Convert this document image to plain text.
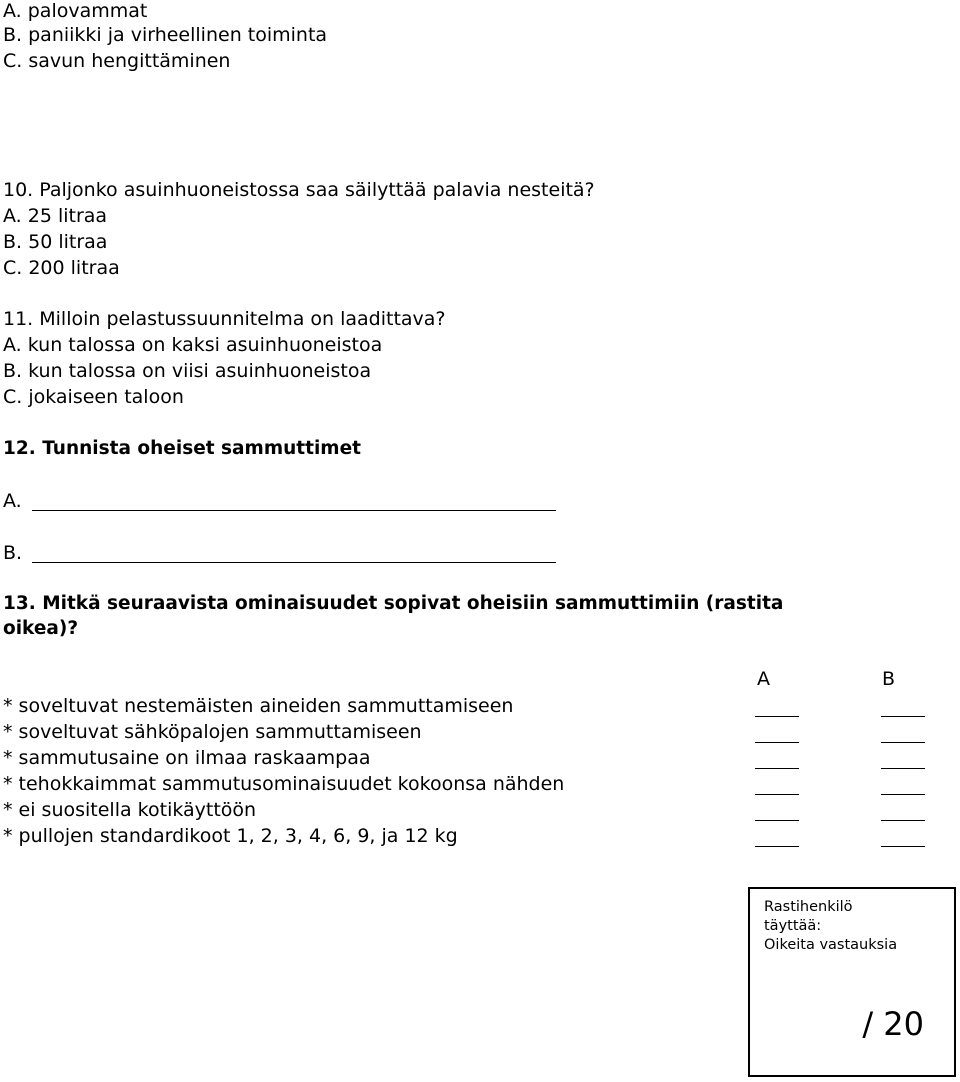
A. palovammat
B. paniikki ja virheellinen toiminta
C. savun hengittäminen
10. Paljonko asuinhuoneistossa saa säilyttää palavia nesteitä?
A. 25 litraa
B. 50 litraa
C. 200 litraa
11. Milloin pelastussuunnitelma on laadittava?
A. kun talossa on kaksi asuinhuoneistoa
B. kun talossa on viisi asuinhuoneistoa
C. jokaiseen taloon
12. Tunnista oheiset sammuttimet
A.
B.
13. Mitkä seuraavista ominaisuudet sopivat oheisiin sammuttimiin (rastita
oikea)?
A	B
* soveltuvat nestemäisten aineiden sammuttamiseen
* soveltuvat sähköpalojen sammuttamiseen
* sammutusaine on ilmaa raskaampaa
* tehokkaimmat sammutusominaisuudet kokoonsa nähden
* ei suositella kotikäyttöön
* pullojen standardikoot 1, 2, 3, 4, 6, 9, ja 12 kg
Rastihenkilö
täyttää:
Oikeita vastauksia
/ 20
